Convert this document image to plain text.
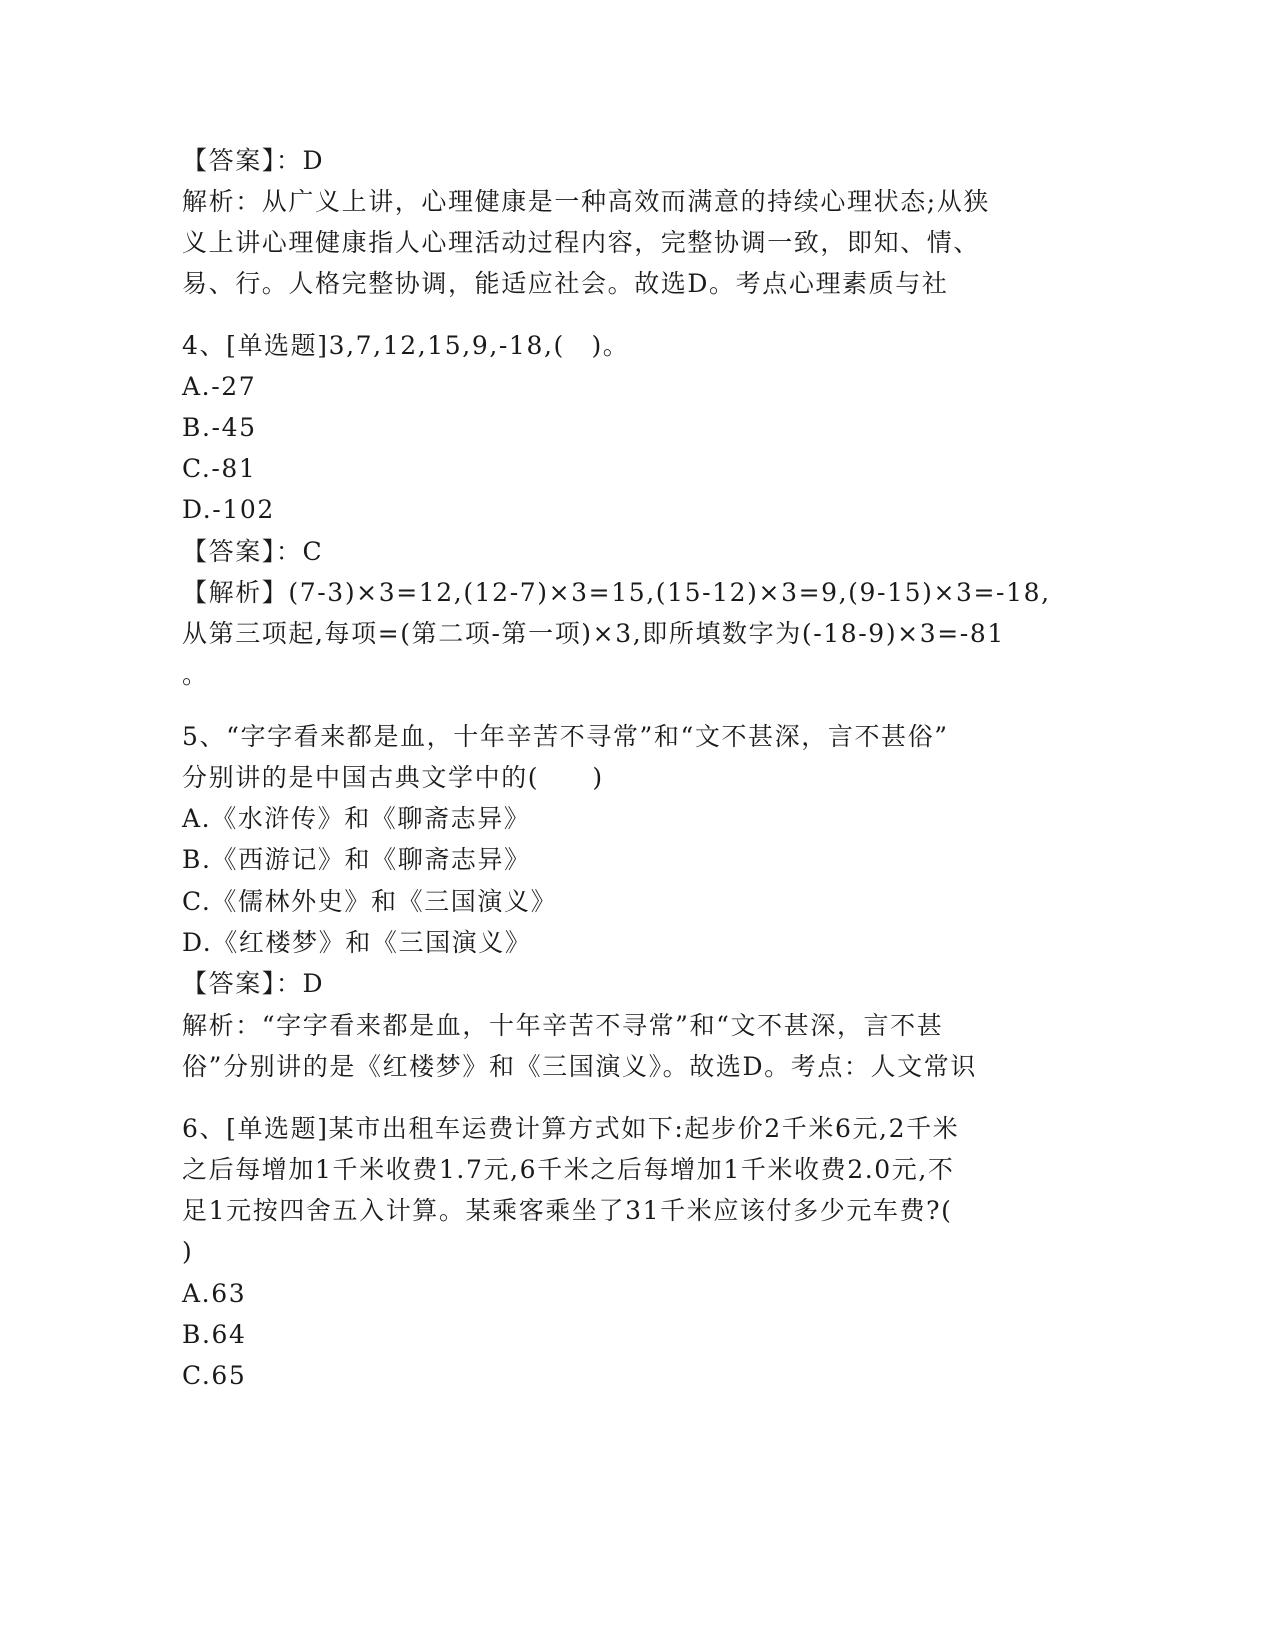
【答案】：D
解析：从广义上讲，心理健康是一种高效而满意的持续心理状态;从狭
义上讲心理健康指人心理活动过程内容，完整协调一致，即知、情、
易、行。人格完整协调，能适应社会。故选D。考点心理素质与社
4、[单选题]3,7,12,15,9,-18,(　)。
A.-27
B.-45
C.-81
D.-102
【答案】：C
【解析】(7-3)×3=12,(12-7)×3=15,(15-12)×3=9,(9-15)×3=-18,
从第三项起,每项=(第二项-第一项)×3,即所填数字为(-18-9)×3=-81
。
5、“字字看来都是血，十年辛苦不寻常”和“文不甚深，言不甚俗”
分别讲的是中国古典文学中的(　　)
A.《水浒传》和《聊斋志异》
B.《西游记》和《聊斋志异》
C.《儒林外史》和《三国演义》
D.《红楼梦》和《三国演义》
【答案】：D
解析：“字字看来都是血，十年辛苦不寻常”和“文不甚深，言不甚
俗”分别讲的是《红楼梦》和《三国演义》。故选D。考点：人文常识
6、[单选题]某市出租车运费计算方式如下:起步价2千米6元,2千米
之后每增加1千米收费1.7元,6千米之后每增加1千米收费2.0元,不
足1元按四舍五入计算。某乘客乘坐了31千米应该付多少元车费?(
)
A.63
B.64
C.65
